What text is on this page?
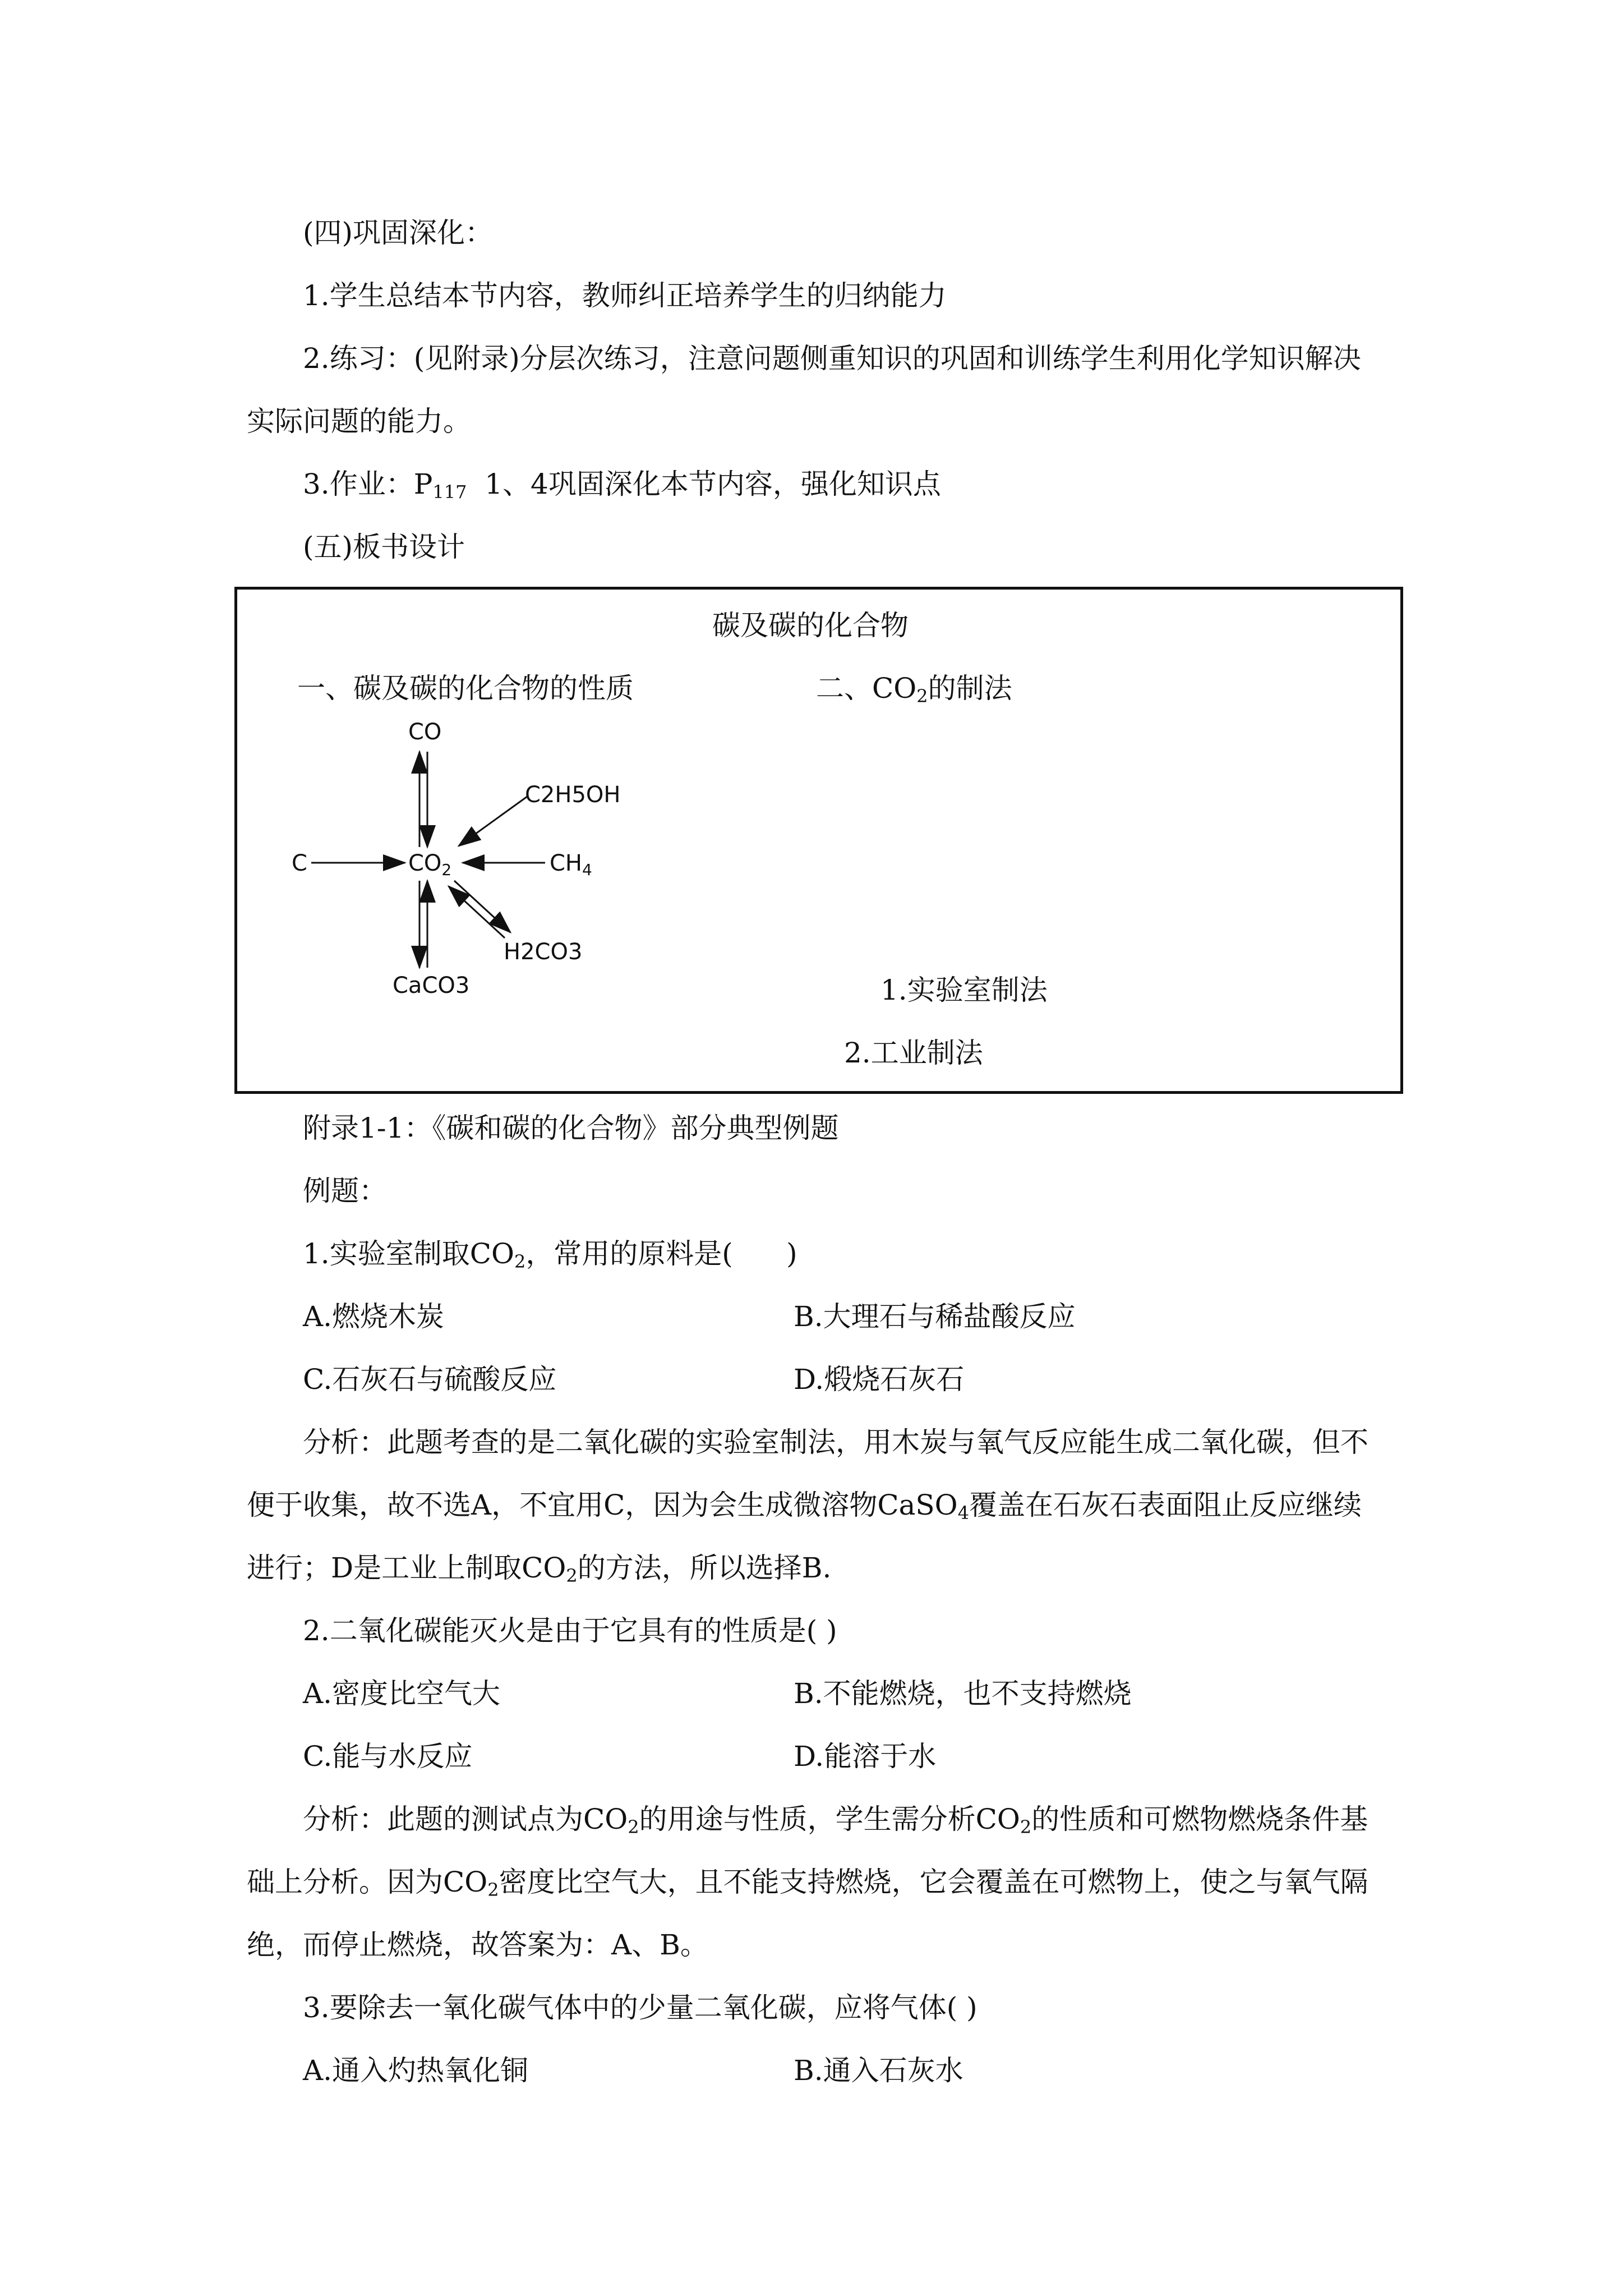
(四)巩固深化：
1.学生总结本节内容，教师纠正培养学生的归纳能力
2.练习：(见附录)分层次练习，注意问题侧重知识的巩固和训练学生利用化学知识解决
实际问题的能力。
3.作业：$P_{117}$  1、4巩固深化本节内容，强化知识点
(五)板书设计
碳及碳的化合物
一、碳及碳的化合物的性质	二、$CO_2$的制法
CO
C	$CO_2$	$CH_4$
C2H5OH
H2CO3
CaCO3	1.实验室制法
2.工业制法
附录1-1：《碳和碳的化合物》部分典型例题
例题：
1.实验室制取$CO_2$，常用的原料是(      )
A.燃烧木炭	B.大理石与稀盐酸反应
C.石灰石与硫酸反应	D.煅烧石灰石
分析：此题考查的是二氧化碳的实验室制法，用木炭与氧气反应能生成二氧化碳，但不
便于收集，故不选A，不宜用C，因为会生成微溶物CaSO$_4$覆盖在石灰石表面阻止反应继续
进行；D是工业上制取$CO_2$的方法，所以选择B.
2.二氧化碳能灭火是由于它具有的性质是( )
A.密度比空气大	B.不能燃烧，也不支持燃烧
C.能与水反应	D.能溶于水
分析：此题的测试点为$CO_2$的用途与性质，学生需分析$CO_2$的性质和可燃物燃烧条件基
础上分析。因为$CO_2$密度比空气大，且不能支持燃烧，它会覆盖在可燃物上，使之与氧气隔
绝，而停止燃烧，故答案为：A、B。
3.要除去一氧化碳气体中的少量二氧化碳，应将气体( )
A.通入灼热氧化铜	B.通入石灰水
